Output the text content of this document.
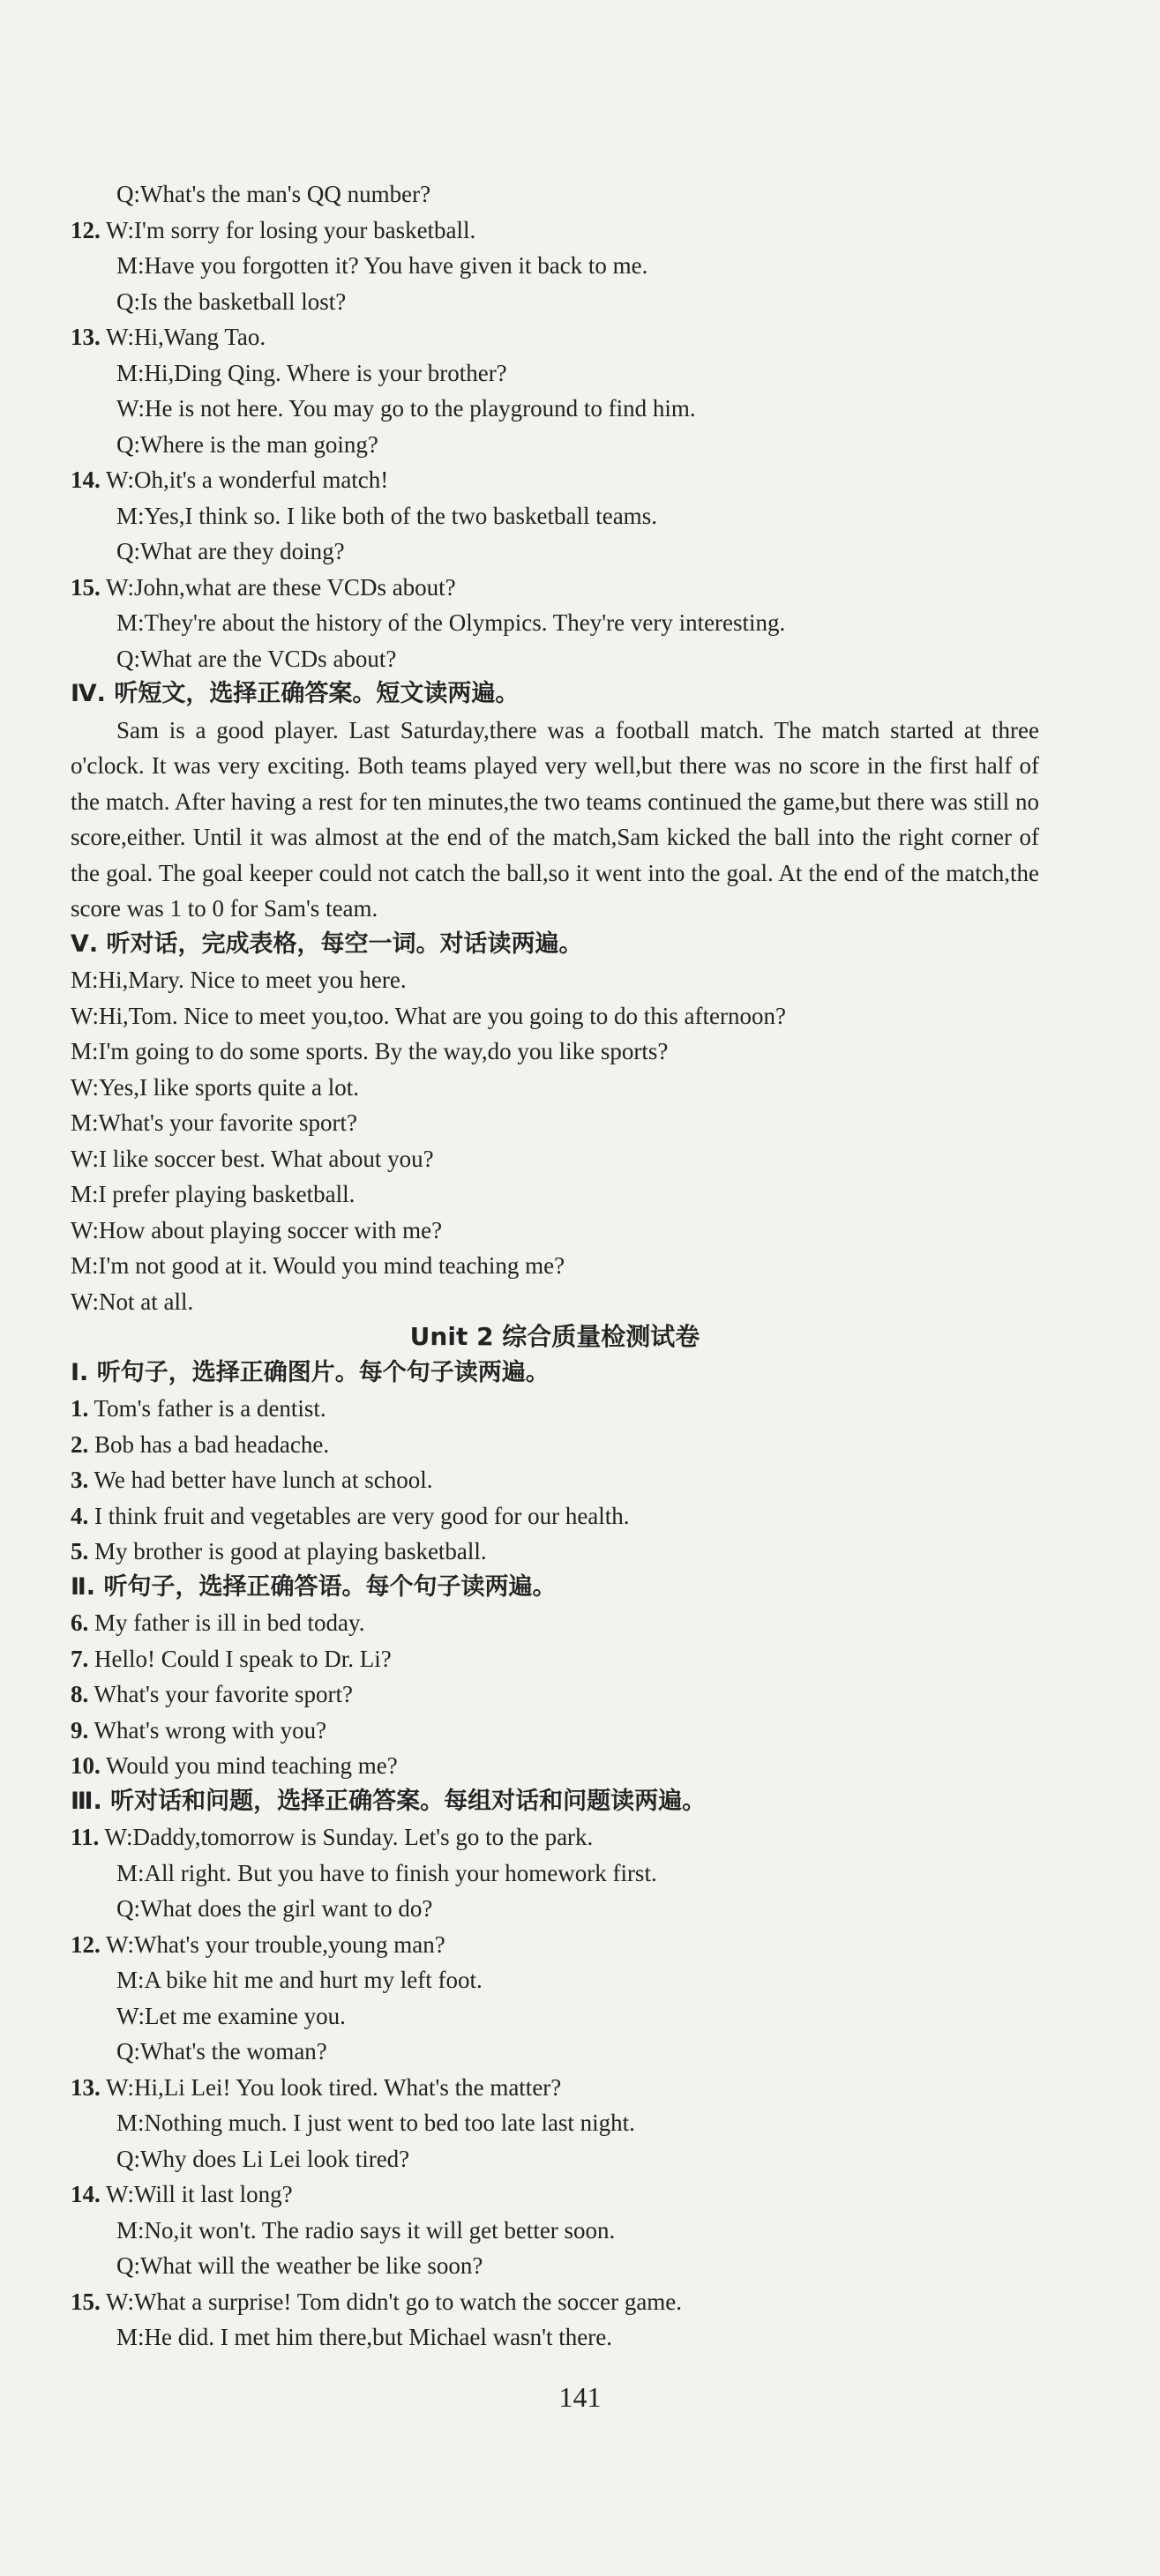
Q:What's the man's QQ number?
12. W:I'm sorry for losing your basketball.
M:Have you forgotten it? You have given it back to me.
Q:Is the basketball lost?
13. W:Hi,Wang Tao.
M:Hi,Ding Qing. Where is your brother?
W:He is not here. You may go to the playground to find him.
Q:Where is the man going?
14. W:Oh,it's a wonderful match!
M:Yes,I think so. I like both of the two basketball teams.
Q:What are they doing?
15. W:John,what are these VCDs about?
M:They're about the history of the Olympics. They're very interesting.
Q:What are the VCDs about?
Ⅳ. 听短文，选择正确答案。短文读两遍。
Sam is a good player. Last Saturday,there was a football match. The match started at three o'clock. It was very exciting. Both teams played very well,but there was no score in the first half of the match. After having a rest for ten minutes,the two teams continued the game,but there was still no score,either. Until it was almost at the end of the match,Sam kicked the ball into the right corner of the goal. The goal keeper could not catch the ball,so it went into the goal. At the end of the match,the score was 1 to 0 for Sam's team.
Ⅴ. 听对话，完成表格，每空一词。对话读两遍。
M:Hi,Mary. Nice to meet you here.
W:Hi,Tom. Nice to meet you,too. What are you going to do this afternoon?
M:I'm going to do some sports. By the way,do you like sports?
W:Yes,I like sports quite a lot.
M:What's your favorite sport?
W:I like soccer best. What about you?
M:I prefer playing basketball.
W:How about playing soccer with me?
M:I'm not good at it. Would you mind teaching me?
W:Not at all.
Unit 2 综合质量检测试卷
Ⅰ. 听句子，选择正确图片。每个句子读两遍。
1. Tom's father is a dentist.
2. Bob has a bad headache.
3. We had better have lunch at school.
4. I think fruit and vegetables are very good for our health.
5. My brother is good at playing basketball.
Ⅱ. 听句子，选择正确答语。每个句子读两遍。
6. My father is ill in bed today.
7. Hello! Could I speak to Dr. Li?
8. What's your favorite sport?
9. What's wrong with you?
10. Would you mind teaching me?
Ⅲ. 听对话和问题，选择正确答案。每组对话和问题读两遍。
11. W:Daddy,tomorrow is Sunday. Let's go to the park.
M:All right. But you have to finish your homework first.
Q:What does the girl want to do?
12. W:What's your trouble,young man?
M:A bike hit me and hurt my left foot.
W:Let me examine you.
Q:What's the woman?
13. W:Hi,Li Lei! You look tired. What's the matter?
M:Nothing much. I just went to bed too late last night.
Q:Why does Li Lei look tired?
14. W:Will it last long?
M:No,it won't. The radio says it will get better soon.
Q:What will the weather be like soon?
15. W:What a surprise! Tom didn't go to watch the soccer game.
M:He did. I met him there,but Michael wasn't there.
141
